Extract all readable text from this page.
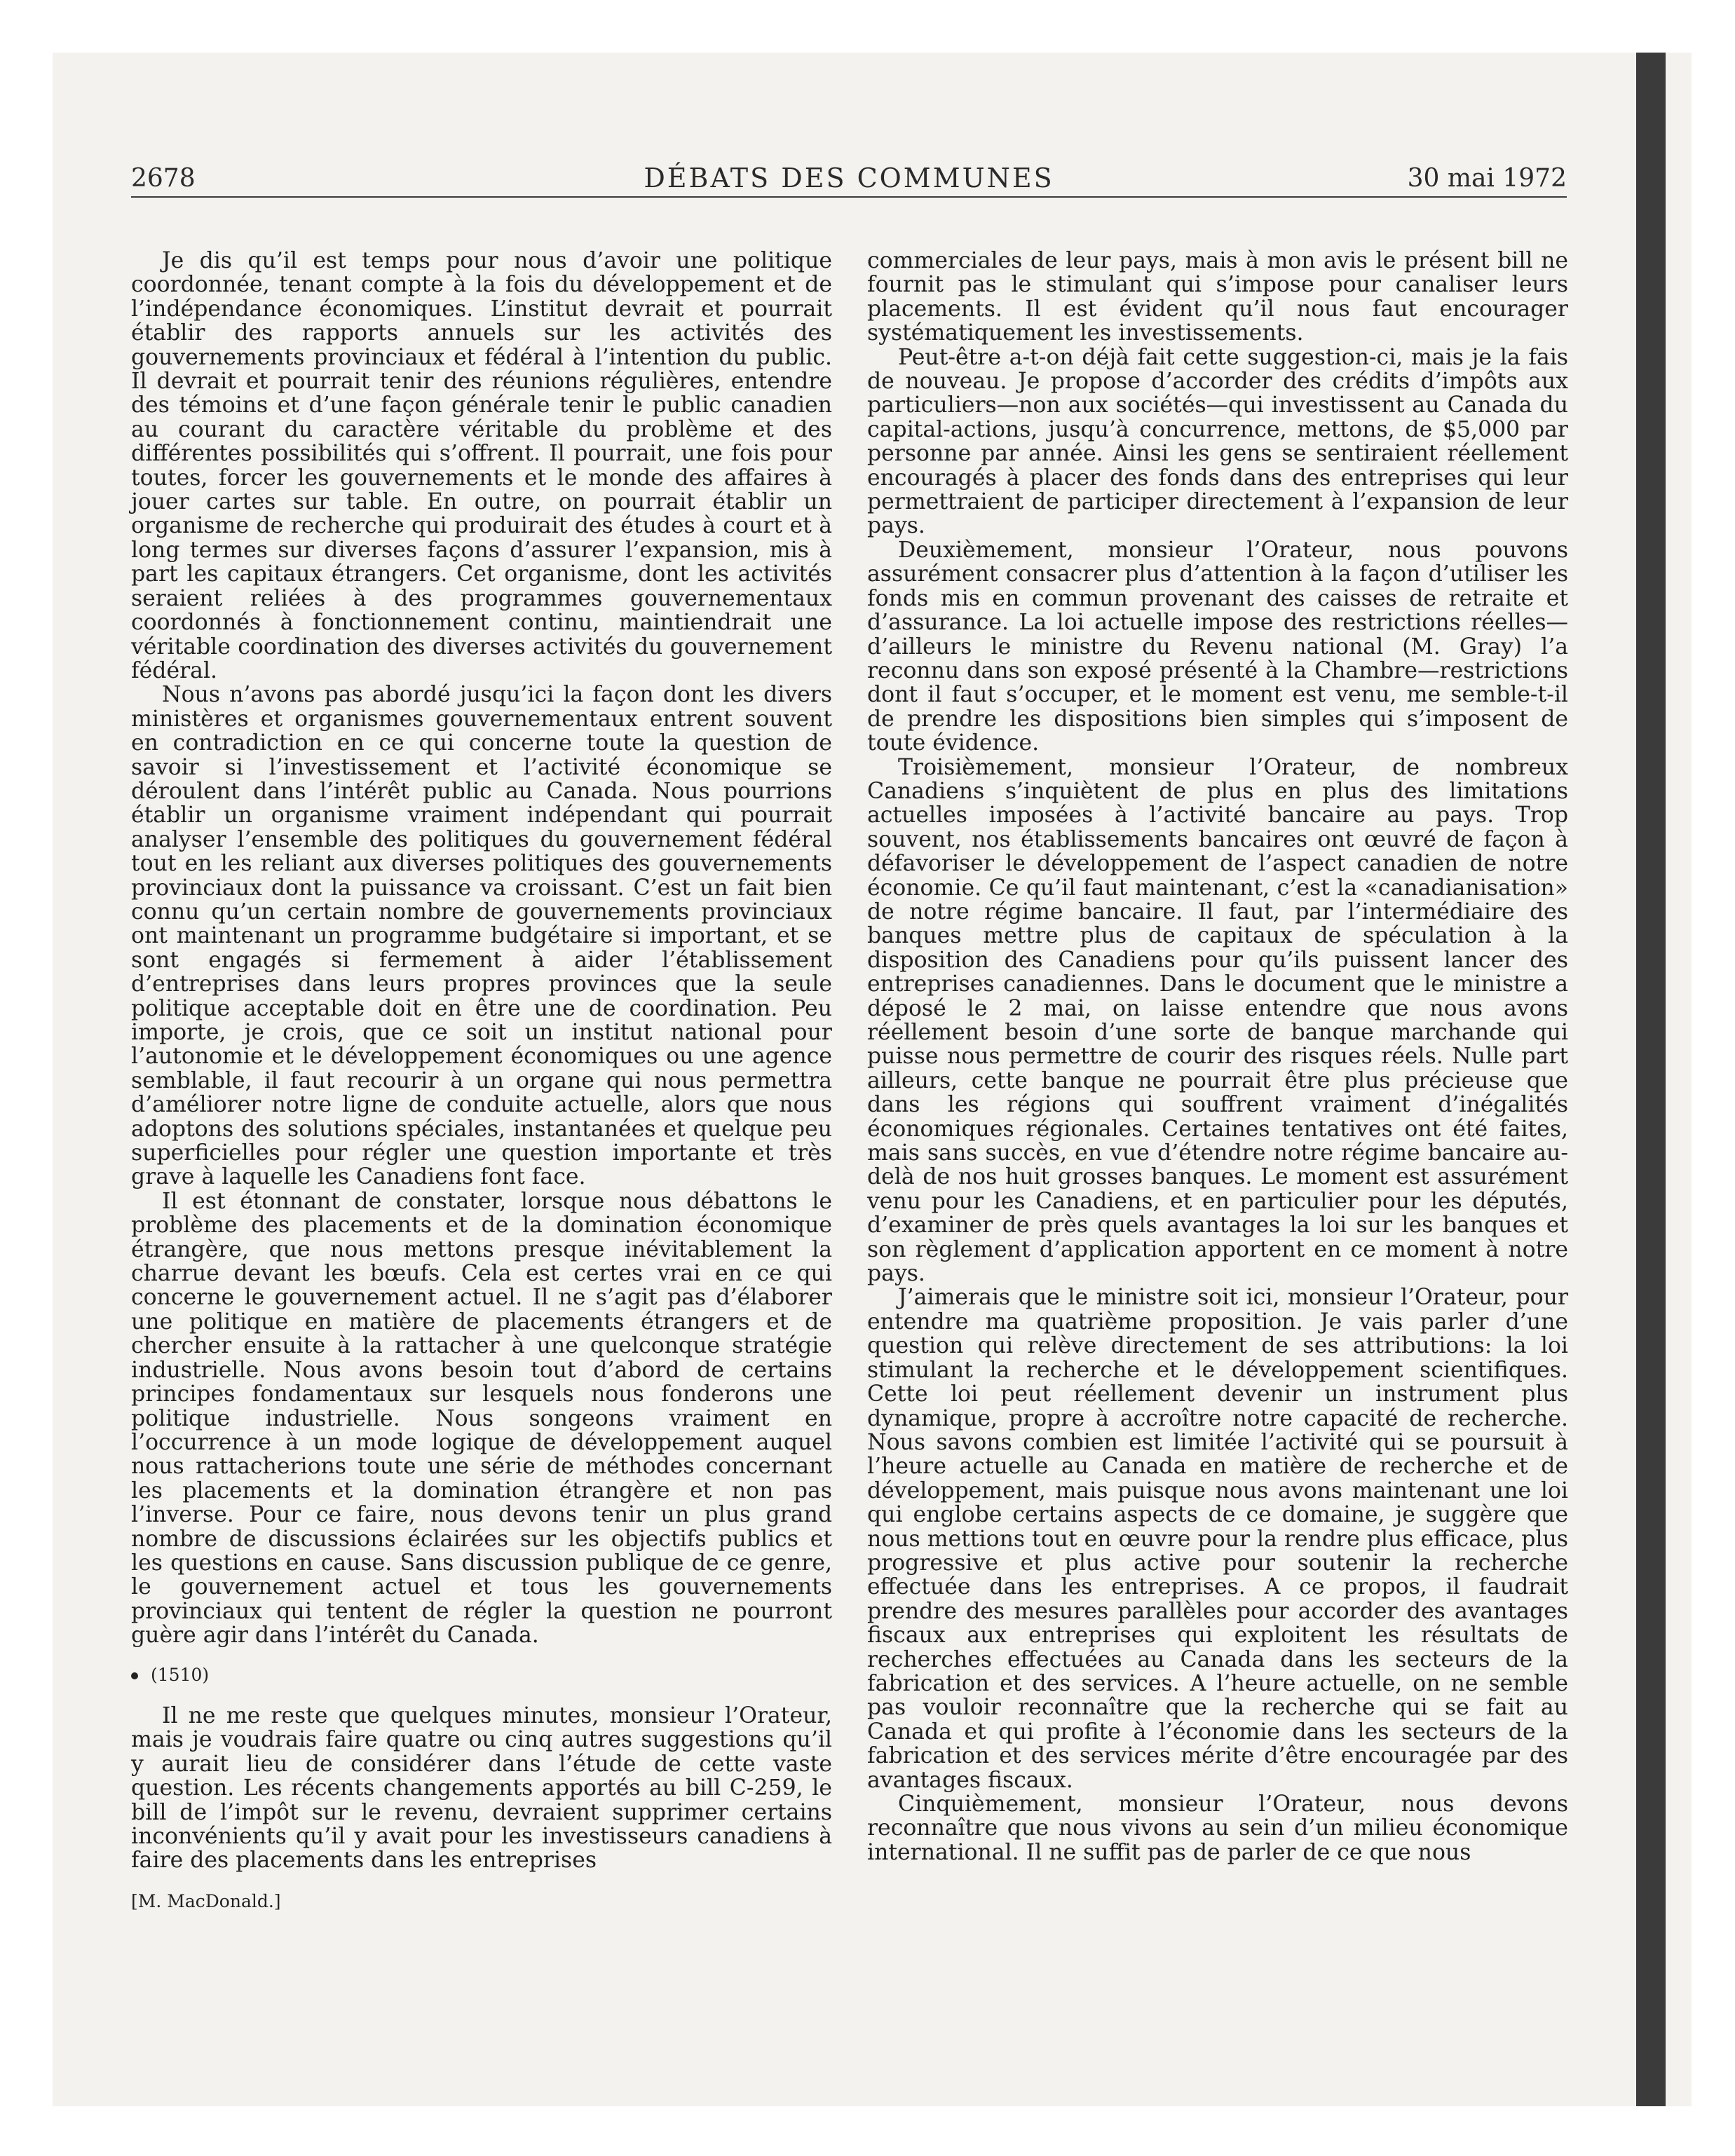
2678	DÉBATS DES COMMUNES	30 mai 1972

Je dis qu’il est temps pour nous d’avoir une politique coordonnée, tenant compte à la fois du développement et de l’indépendance économiques. L’institut devrait et pourrait établir des rapports annuels sur les activités des gouvernements provinciaux et fédéral à l’intention du public. Il devrait et pourrait tenir des réunions régulières, entendre des témoins et d’une façon générale tenir le public canadien au courant du caractère véritable du problème et des différentes possibilités qui s’offrent. Il pourrait, une fois pour toutes, forcer les gouvernements et le monde des affaires à jouer cartes sur table. En outre, on pourrait établir un organisme de recherche qui produirait des études à court et à long termes sur diverses façons d’assurer l’expansion, mis à part les capitaux étrangers. Cet organisme, dont les activités seraient reliées à des programmes gouvernementaux coordonnés à fonctionnement continu, maintiendrait une véritable coordination des diverses activités du gouvernement fédéral.

Nous n’avons pas abordé jusqu’ici la façon dont les divers ministères et organismes gouvernementaux entrent souvent en contradiction en ce qui concerne toute la question de savoir si l’investissement et l’activité économique se déroulent dans l’intérêt public au Canada. Nous pourrions établir un organisme vraiment indépendant qui pourrait analyser l’ensemble des politiques du gouvernement fédéral tout en les reliant aux diverses politiques des gouvernements provinciaux dont la puissance va croissant. C’est un fait bien connu qu’un certain nombre de gouvernements provinciaux ont maintenant un programme budgétaire si important, et se sont engagés si fermement à aider l’établissement d’entreprises dans leurs propres provinces que la seule politique acceptable doit en être une de coordination. Peu importe, je crois, que ce soit un institut national pour l’autonomie et le développement économiques ou une agence semblable, il faut recourir à un organe qui nous permettra d’améliorer notre ligne de conduite actuelle, alors que nous adoptons des solutions spéciales, instantanées et quelque peu superficielles pour régler une question importante et très grave à laquelle les Canadiens font face.

Il est étonnant de constater, lorsque nous débattons le problème des placements et de la domination économique étrangère, que nous mettons presque inévitablement la charrue devant les bœufs. Cela est certes vrai en ce qui concerne le gouvernement actuel. Il ne s’agit pas d’élaborer une politique en matière de placements étrangers et de chercher ensuite à la rattacher à une quelconque stratégie industrielle. Nous avons besoin tout d’abord de certains principes fondamentaux sur lesquels nous fonderons une politique industrielle. Nous songeons vraiment en l’occurrence à un mode logique de développement auquel nous rattacherions toute une série de méthodes concernant les placements et la domination étrangère et non pas l’inverse. Pour ce faire, nous devons tenir un plus grand nombre de discussions éclairées sur les objectifs publics et les questions en cause. Sans discussion publique de ce genre, le gouvernement actuel et tous les gouvernements provinciaux qui tentent de régler la question ne pourront guère agir dans l’intérêt du Canada.

(1510)

Il ne me reste que quelques minutes, monsieur l’Orateur, mais je voudrais faire quatre ou cinq autres suggestions qu’il y aurait lieu de considérer dans l’étude de cette vaste question. Les récents changements apportés au bill C-259, le bill de l’impôt sur le revenu, devraient supprimer certains inconvénients qu’il y avait pour les investisseurs canadiens à faire des placements dans les entreprises

[M. MacDonald.]

commerciales de leur pays, mais à mon avis le présent bill ne fournit pas le stimulant qui s’impose pour canaliser leurs placements. Il est évident qu’il nous faut encourager systématiquement les investissements.

Peut-être a-t-on déjà fait cette suggestion-ci, mais je la fais de nouveau. Je propose d’accorder des crédits d’impôts aux particuliers—non aux sociétés—qui investissent au Canada du capital-actions, jusqu’à concurrence, mettons, de $5,000 par personne par année. Ainsi les gens se sentiraient réellement encouragés à placer des fonds dans des entreprises qui leur permettraient de participer directement à l’expansion de leur pays.

Deuxièmement, monsieur l’Orateur, nous pouvons assurément consacrer plus d’attention à la façon d’utiliser les fonds mis en commun provenant des caisses de retraite et d’assurance. La loi actuelle impose des restrictions réelles—d’ailleurs le ministre du Revenu national (M. Gray) l’a reconnu dans son exposé présenté à la Chambre—restrictions dont il faut s’occuper, et le moment est venu, me semble-t-il de prendre les dispositions bien simples qui s’imposent de toute évidence.

Troisièmement, monsieur l’Orateur, de nombreux Canadiens s’inquiètent de plus en plus des limitations actuelles imposées à l’activité bancaire au pays. Trop souvent, nos établissements bancaires ont œuvré de façon à défavoriser le développement de l’aspect canadien de notre économie. Ce qu’il faut maintenant, c’est la «canadianisation» de notre régime bancaire. Il faut, par l’intermédiaire des banques mettre plus de capitaux de spéculation à la disposition des Canadiens pour qu’ils puissent lancer des entreprises canadiennes. Dans le document que le ministre a déposé le 2 mai, on laisse entendre que nous avons réellement besoin d’une sorte de banque marchande qui puisse nous permettre de courir des risques réels. Nulle part ailleurs, cette banque ne pourrait être plus précieuse que dans les régions qui souffrent vraiment d’inégalités économiques régionales. Certaines tentatives ont été faites, mais sans succès, en vue d’étendre notre régime bancaire au-delà de nos huit grosses banques. Le moment est assurément venu pour les Canadiens, et en particulier pour les députés, d’examiner de près quels avantages la loi sur les banques et son règlement d’application apportent en ce moment à notre pays.

J’aimerais que le ministre soit ici, monsieur l’Orateur, pour entendre ma quatrième proposition. Je vais parler d’une question qui relève directement de ses attributions: la loi stimulant la recherche et le développement scientifiques. Cette loi peut réellement devenir un instrument plus dynamique, propre à accroître notre capacité de recherche. Nous savons combien est limitée l’activité qui se poursuit à l’heure actuelle au Canada en matière de recherche et de développement, mais puisque nous avons maintenant une loi qui englobe certains aspects de ce domaine, je suggère que nous mettions tout en œuvre pour la rendre plus efficace, plus progressive et plus active pour soutenir la recherche effectuée dans les entreprises. A ce propos, il faudrait prendre des mesures parallèles pour accorder des avantages fiscaux aux entreprises qui exploitent les résultats de recherches effectuées au Canada dans les secteurs de la fabrication et des services. A l’heure actuelle, on ne semble pas vouloir reconnaître que la recherche qui se fait au Canada et qui profite à l’économie dans les secteurs de la fabrication et des services mérite d’être encouragée par des avantages fiscaux.

Cinquièmement, monsieur l’Orateur, nous devons reconnaître que nous vivons au sein d’un milieu économique international. Il ne suffit pas de parler de ce que nous
